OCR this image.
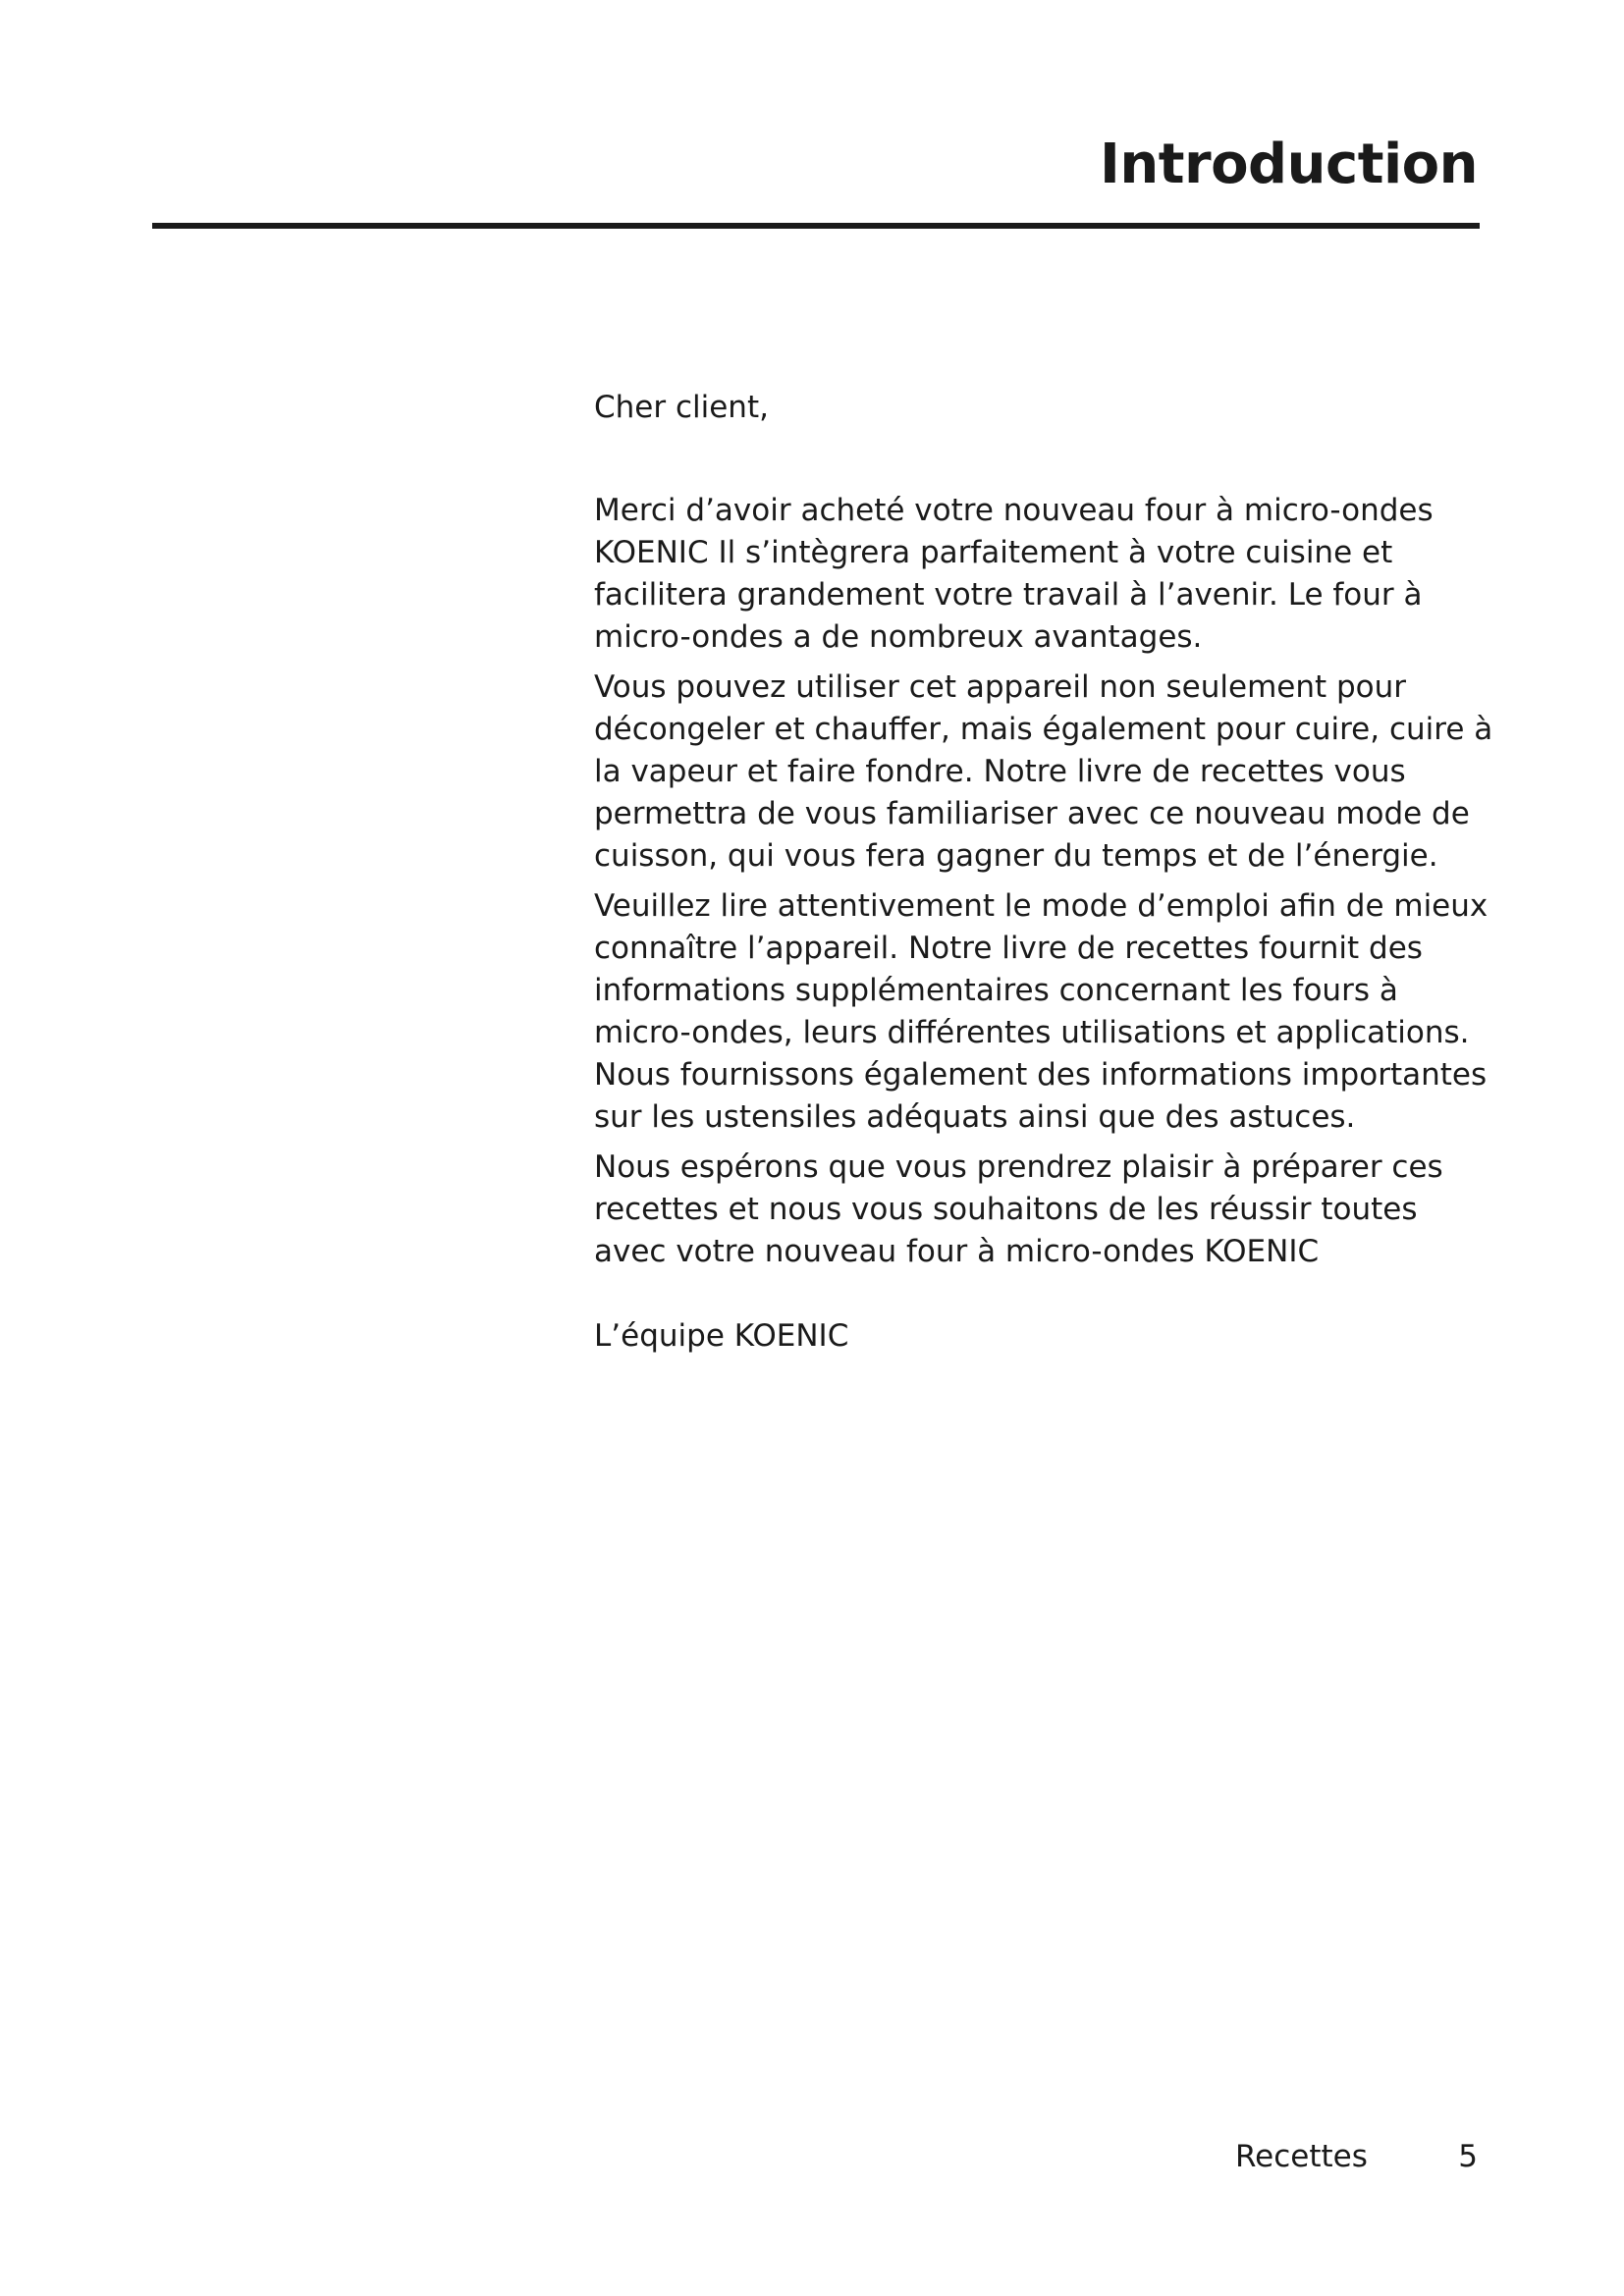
Introduction

Cher client,

Merci d’avoir acheté votre nouveau four à micro-ondes KOENIC Il s’intègrera parfaitement à votre cuisine et facilitera grandement votre travail à l’avenir. Le four à micro-ondes a de nombreux avantages.

Vous pouvez utiliser cet appareil non seulement pour décongeler et chauffer, mais également pour cuire, cuire à la vapeur et faire fondre. Notre livre de recettes vous permettra de vous familiariser avec ce nouveau mode de cuisson, qui vous fera gagner du temps et de l’énergie.

Veuillez lire attentivement le mode d’emploi afin de mieux connaître l’appareil. Notre livre de recettes fournit des informations supplémentaires concernant les fours à micro-ondes, leurs différentes utilisations et applications. Nous fournissons également des informations importantes sur les ustensiles adéquats ainsi que des astuces.

Nous espérons que vous prendrez plaisir à préparer ces recettes et nous vous souhaitons de les réussir toutes avec votre nouveau four à micro-ondes KOENIC

L’équipe KOENIC

Recettes	5
